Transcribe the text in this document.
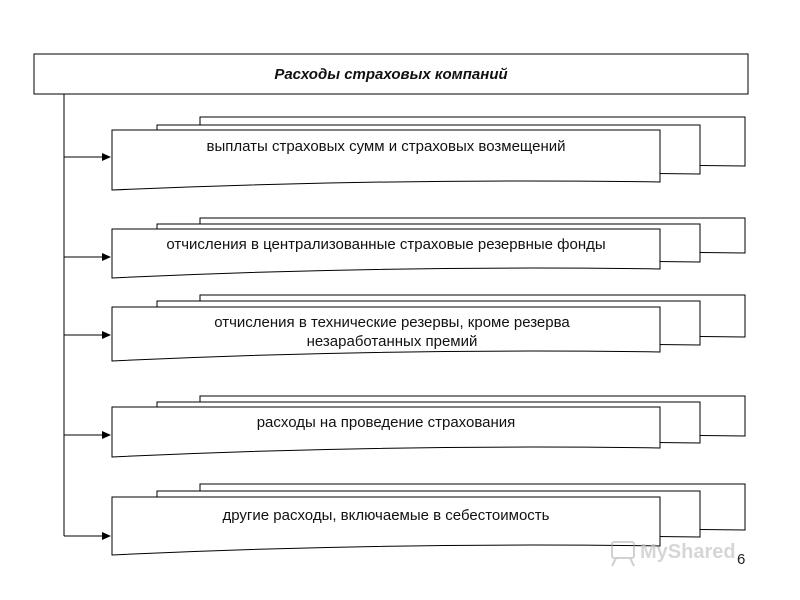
Расходы страховых компаний
выплаты страховых сумм и страховых возмещений
отчисления в централизованные страховые резервные фонды
отчисления в технические резервы, кроме резерва незаработанных премий
расходы на проведение страхования
другие расходы, включаемые в себестоимость
MyShared 6
